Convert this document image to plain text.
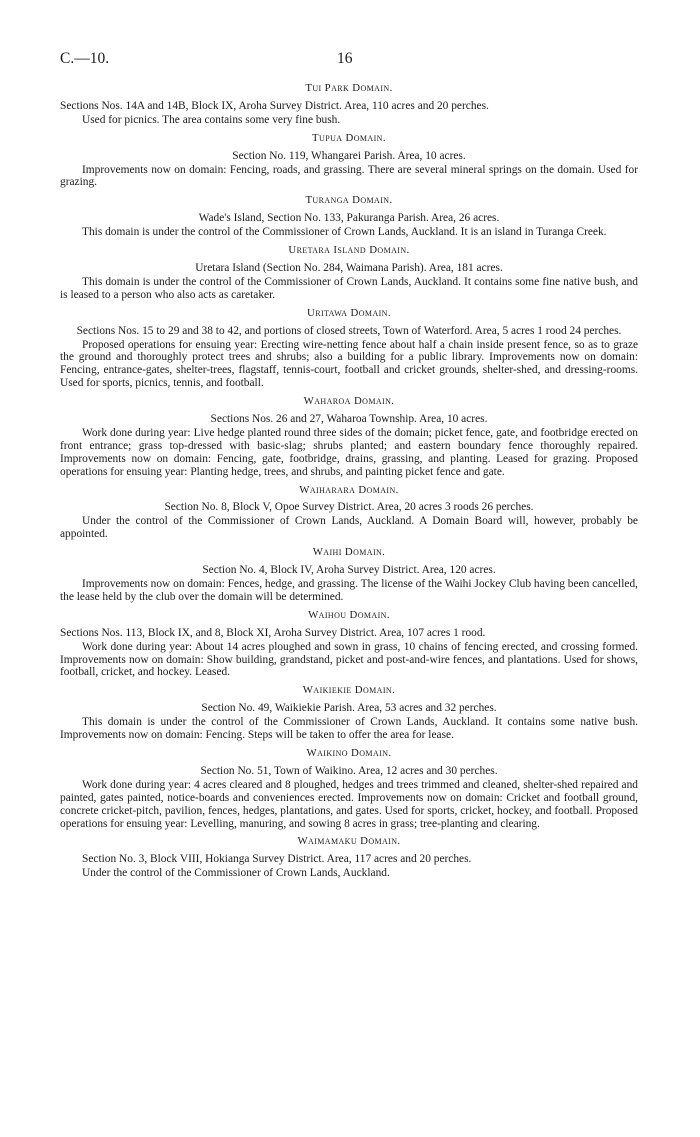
C.—10.	16
Tui Park Domain.
Sections Nos. 14A and 14B, Block IX, Aroha Survey District. Area, 110 acres and 20 perches.

Used for picnics. The area contains some very fine bush.

Tupua Domain.
Section No. 119, Whangarei Parish. Area, 10 acres.

Improvements now on domain: Fencing, roads, and grassing. There are several mineral springs on the domain. Used for grazing.

Turanga Domain.
Wade's Island, Section No. 133, Pakuranga Parish. Area, 26 acres.

This domain is under the control of the Commissioner of Crown Lands, Auckland. It is an island in Turanga Creek.

Uretara Island Domain.
Uretara Island (Section No. 284, Waimana Parish). Area, 181 acres.

This domain is under the control of the Commissioner of Crown Lands, Auckland. It contains some fine native bush, and is leased to a person who also acts as caretaker.

Uritawa Domain.
Sections Nos. 15 to 29 and 38 to 42, and portions of closed streets, Town of Waterford. Area, 5 acres 1 rood 24 perches.

Proposed operations for ensuing year: Erecting wire-netting fence about half a chain inside present fence, so as to graze the ground and thoroughly protect trees and shrubs; also a building for a public library. Improvements now on domain: Fencing, entrance-gates, shelter-trees, flagstaff, tennis-court, football and cricket grounds, shelter-shed, and dressing-rooms. Used for sports, picnics, tennis, and football.

Waharoa Domain.
Sections Nos. 26 and 27, Waharoa Township. Area, 10 acres.

Work done during year: Live hedge planted round three sides of the domain; picket fence, gate, and footbridge erected on front entrance; grass top-dressed with basic-slag; shrubs planted; and eastern boundary fence thoroughly repaired. Improvements now on domain: Fencing, gate, footbridge, drains, grassing, and planting. Leased for grazing. Proposed operations for ensuing year: Planting hedge, trees, and shrubs, and painting picket fence and gate.

Waiharara Domain.
Section No. 8, Block V, Opoe Survey District. Area, 20 acres 3 roods 26 perches.

Under the control of the Commissioner of Crown Lands, Auckland. A Domain Board will, however, probably be appointed.

Waihi Domain.
Section No. 4, Block IV, Aroha Survey District. Area, 120 acres.

Improvements now on domain: Fences, hedge, and grassing. The license of the Waihi Jockey Club having been cancelled, the lease held by the club over the domain will be determined.

Waihou Domain.
Sections Nos. 113, Block IX, and 8, Block XI, Aroha Survey District. Area, 107 acres 1 rood.

Work done during year: About 14 acres ploughed and sown in grass, 10 chains of fencing erected, and crossing formed. Improvements now on domain: Show building, grandstand, picket and post-and-wire fences, and plantations. Used for shows, football, cricket, and hockey. Leased.

Waikiekie Domain.
Section No. 49, Waikiekie Parish. Area, 53 acres and 32 perches.

This domain is under the control of the Commissioner of Crown Lands, Auckland. It contains some native bush. Improvements now on domain: Fencing. Steps will be taken to offer the area for lease.

Waikino Domain.
Section No. 51, Town of Waikino. Area, 12 acres and 30 perches.

Work done during year: 4 acres cleared and 8 ploughed, hedges and trees trimmed and cleaned, shelter-shed repaired and painted, gates painted, notice-boards and conveniences erected. Improvements now on domain: Cricket and football ground, concrete cricket-pitch, pavilion, fences, hedges, plantations, and gates. Used for sports, cricket, hockey, and football. Proposed operations for ensuing year: Levelling, manuring, and sowing 8 acres in grass; tree-planting and clearing.

Waimamaku Domain.
Section No. 3, Block VIII, Hokianga Survey District. Area, 117 acres and 20 perches.

Under the control of the Commissioner of Crown Lands, Auckland.
